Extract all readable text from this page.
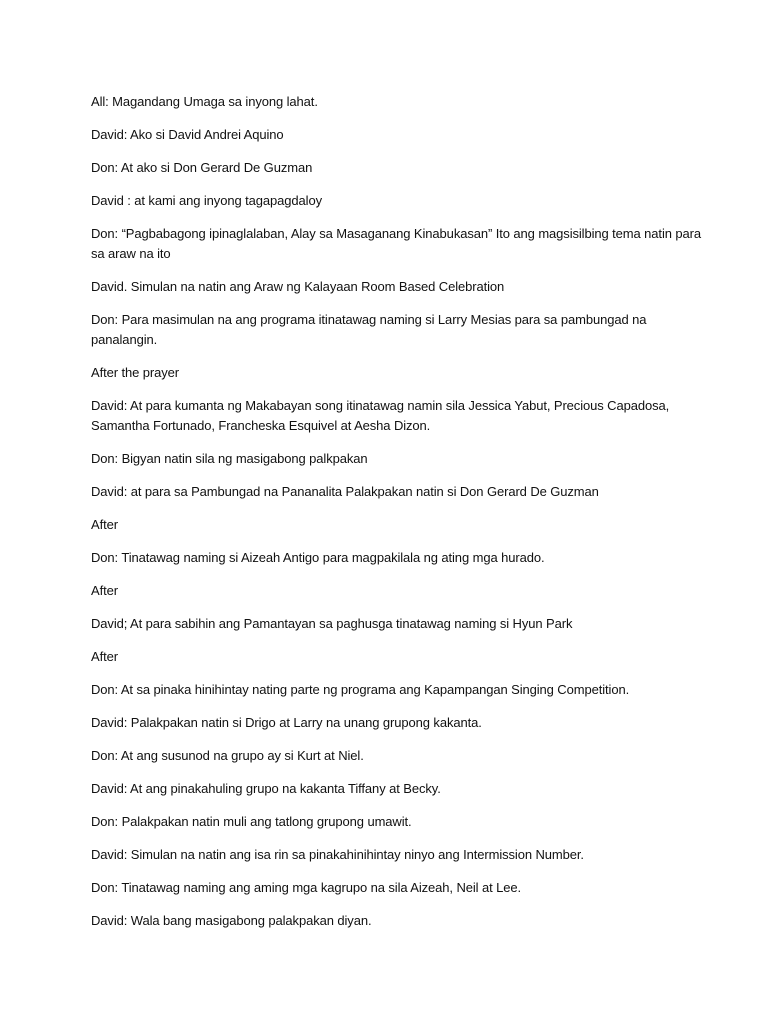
All: Magandang Umaga sa inyong lahat.

David: Ako si David Andrei Aquino

Don: At ako si Don Gerard De Guzman

David : at kami ang inyong tagapagdaloy

Don: “Pagbabagong ipinaglalaban, Alay sa Masaganang Kinabukasan” Ito ang magsisilbing tema natin para sa araw na ito

David. Simulan na natin ang Araw ng Kalayaan Room Based Celebration

Don: Para masimulan na ang programa itinatawag naming si Larry Mesias para sa pambungad na panalangin.

After the prayer

David: At para kumanta ng Makabayan song itinatawag namin sila Jessica Yabut, Precious Capadosa, Samantha Fortunado, Francheska Esquivel at Aesha Dizon.

Don: Bigyan natin sila ng masigabong palkpakan

David: at para sa Pambungad na Pananalita Palakpakan natin si Don Gerard De Guzman

After

Don: Tinatawag naming si Aizeah Antigo para magpakilala ng ating mga hurado.

After

David; At para sabihin ang Pamantayan sa paghusga tinatawag naming si Hyun Park

After

Don: At sa pinaka hinihintay nating parte ng programa ang Kapampangan Singing Competition.

David: Palakpakan natin si Drigo at Larry na unang grupong kakanta.

Don: At ang susunod na grupo ay si Kurt at Niel.

David: At ang pinakahuling grupo na kakanta Tiffany at Becky.

Don: Palakpakan natin muli ang tatlong grupong umawit.

David: Simulan na natin ang isa rin sa pinakahinihintay ninyo ang Intermission Number.

Don: Tinatawag naming ang aming mga kagrupo na sila Aizeah, Neil at Lee.

David: Wala bang masigabong palakpakan diyan.
